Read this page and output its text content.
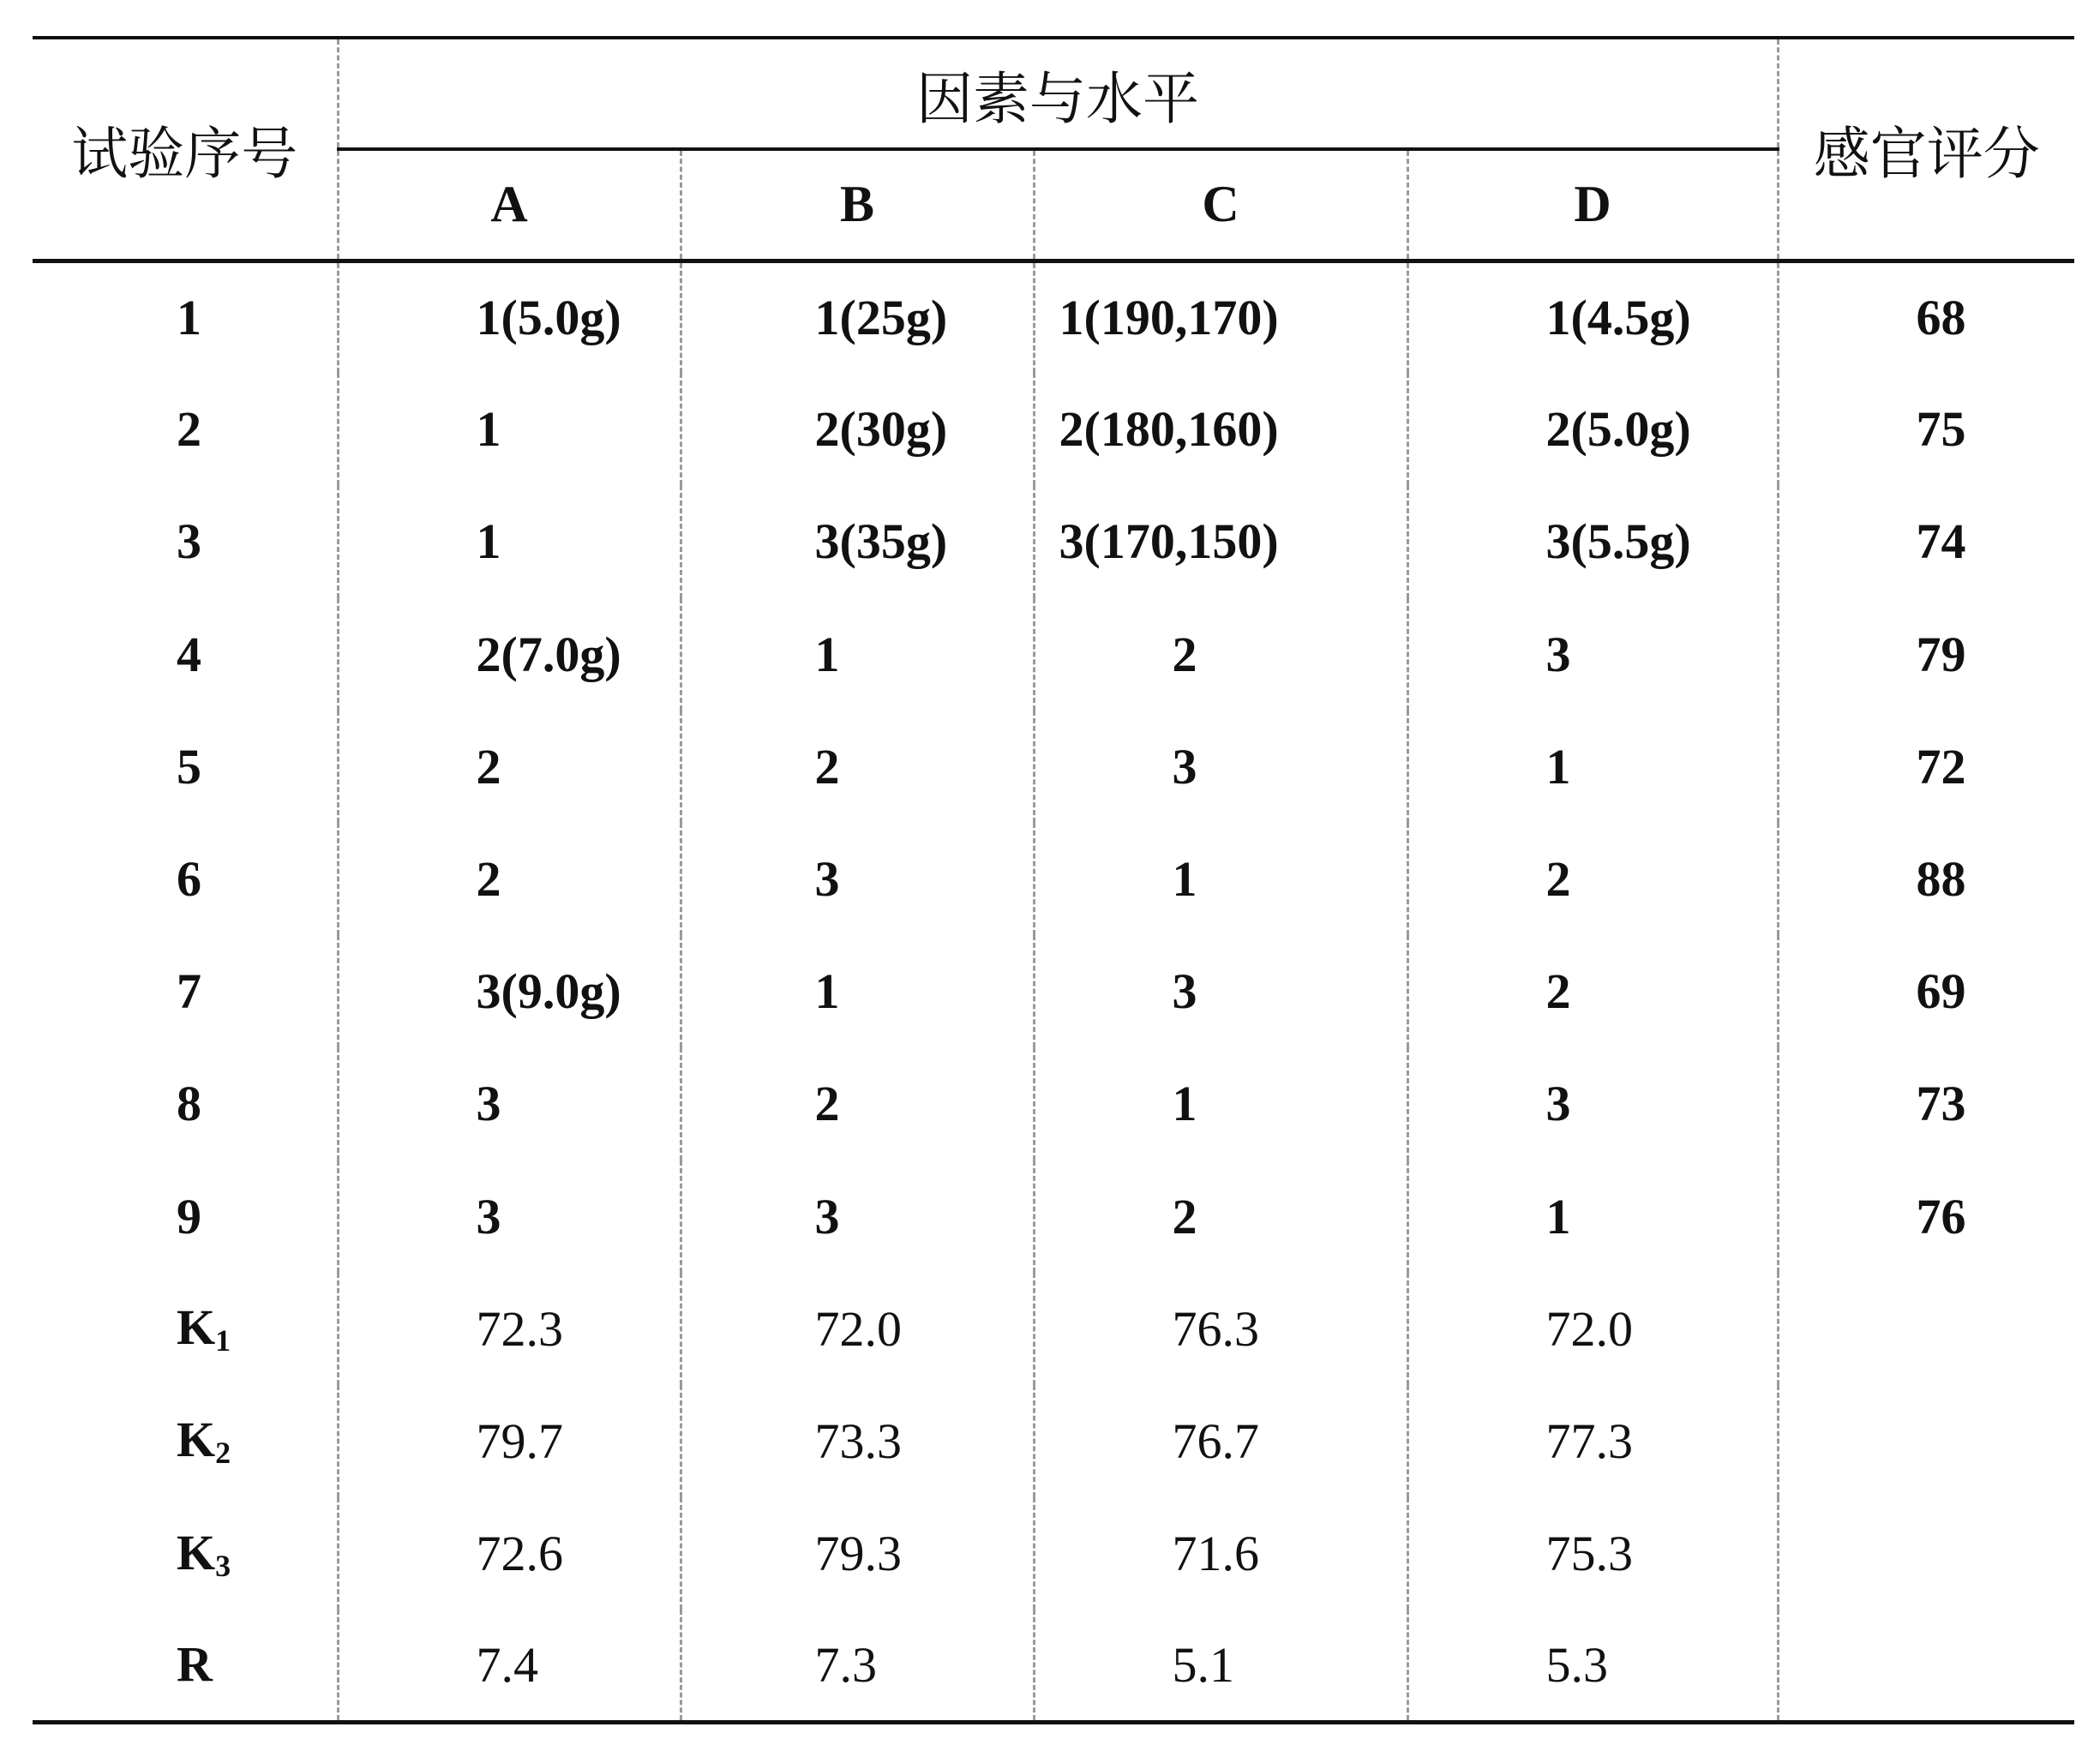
试验序号	因素与水平				感官评分
	A	B	C	D	
1	1(5.0g)	1(25g)	1(190,170)	1(4.5g)	68
2	1	2(30g)	2(180,160)	2(5.0g)	75
3	1	3(35g)	3(170,150)	3(5.5g)	74
4	2(7.0g)	1	2	3	79
5	2	2	3	1	72
6	2	3	1	2	88
7	3(9.0g)	1	3	2	69
8	3	2	1	3	73
9	3	3	2	1	76
$K_1$	72.3	72.0	76.3	72.0	
$K_2$	79.7	73.3	76.7	77.3	
$K_3$	72.6	79.3	71.6	75.3	
R	7.4	7.3	5.1	5.3	
